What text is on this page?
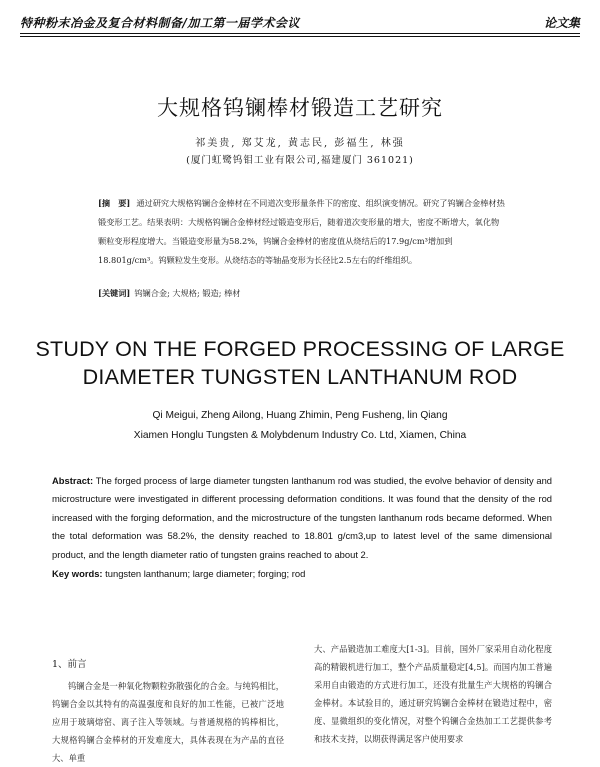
特种粉末冶金及复合材料制备/加工第一届学术会议	论文集
大规格钨镧棒材锻造工艺研究
祁美贵, 郑艾龙, 黄志民, 彭福生, 林强
(厦门虹鹭钨钼工业有限公司,福建厦门 361021)
[摘　要] 通过研究大规格钨镧合金棒材在不同道次变形量条件下的密度、组织演变情况。研究了钨镧合金棒材热锻变形工艺。结果表明：大规格钨镧合金棒材经过锻造变形后，随着道次变形量的增大，密度不断增大，氧化物颗粒变形程度增大。当锻造变形量为58.2%，钨镧合金棒材的密度值从烧结后的17.9g/cm³增加到18.801g/cm³。钨颗粒发生变形。从烧结态的等轴晶变形为长径比2.5左右的纤维组织。
[关键词] 钨镧合金; 大规格; 锻造; 棒材
STUDY ON THE FORGED PROCESSING OF LARGE DIAMETER TUNGSTEN LANTHANUM ROD
Qi Meigui, Zheng Ailong, Huang Zhimin, Peng Fusheng, lin Qiang
Xiamen Honglu Tungsten & Molybdenum Industry Co. Ltd, Xiamen, China
Abstract: The forged process of large diameter tungsten lanthanum rod was studied, the evolve behavior of density and microstructure were investigated in different processing deformation conditions. It was found that the density of the rod increased with the forging deformation, and the microstructure of the tungsten lanthanum rods became deformed. When the total deformation was 58.2%, the density reached to 18.801 g/cm3,up to latest level of the same dimensional product, and the length diameter ratio of tungsten grains reached to about 2.
Key words: tungsten lanthanum; large diameter; forging; rod
1、前言
钨镧合金是一种氧化物颗粒弥散强化的合金。与纯钨相比，钨镧合金以其特有的高温强度和良好的加工性能，已被广泛地应用于玻璃熔窑、离子注入等领域。与普通规格的钨棒相比，大规格钨镧合金棒材的开发难度大，具体表现在为产品的直径大、单重
大、产品锻造加工难度大[1-3]。目前，国外厂家采用自动化程度高的精锻机进行加工，整个产品质量稳定[4,5]。而国内加工普遍采用自由锻造的方式进行加工，还没有批量生产大规格的钨镧合金棒材。本试验目的，通过研究钨镧合金棒材在锻造过程中，密度、显微组织的变化情况，对整个钨镧合金热加工工艺提供参考和技术支持，以期获得满足客户使用要求
